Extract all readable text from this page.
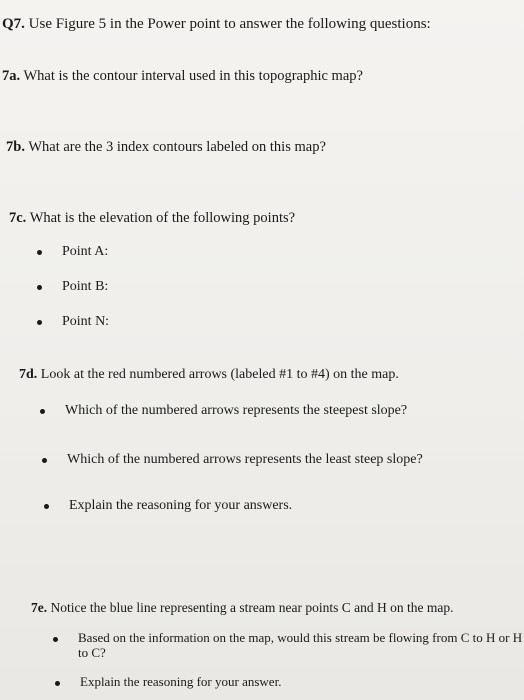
Q7. Use Figure 5 in the Power point to answer the following questions:
7a. What is the contour interval used in this topographic map?
7b. What are the 3 index contours labeled on this map?
7c. What is the elevation of the following points?
Point A:
Point B:
Point N:
7d. Look at the red numbered arrows (labeled #1 to #4) on the map.
Which of the numbered arrows represents the steepest slope?
Which of the numbered arrows represents the least steep slope?
Explain the reasoning for your answers.
7e. Notice the blue line representing a stream near points C and H on the map.
Based on the information on the map, would this stream be flowing from C to H or H to C?
Explain the reasoning for your answer.
